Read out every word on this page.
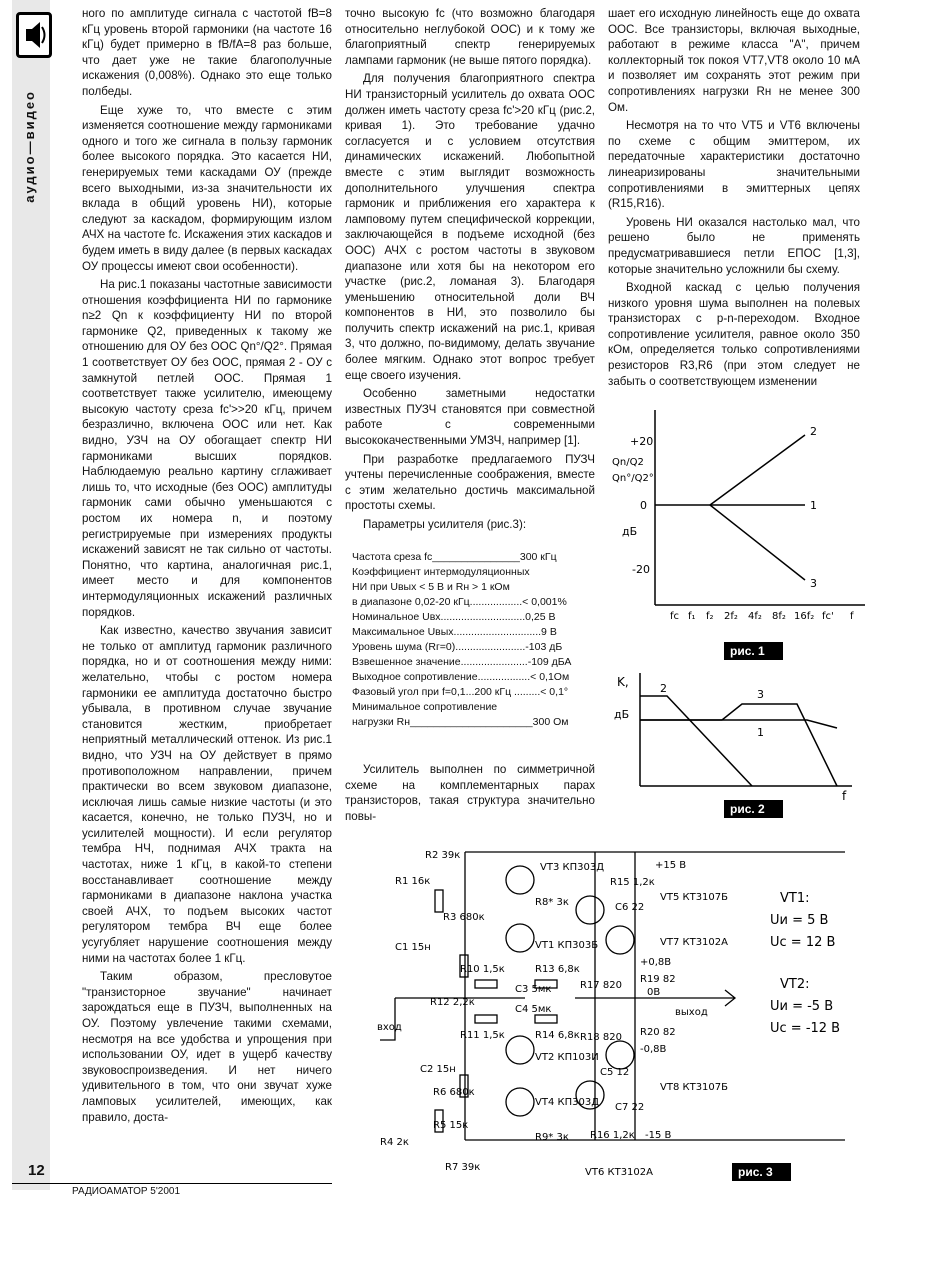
аудио—видео
12
РАДИОАМАТОР 5'2001

ного по амплитуде сигнала с частотой fB=8 кГц уровень второй гармоники (на частоте 16 кГц) будет примерно в fB/fA=8 раз больше, что дает уже не такие благополучные искажения (0,008%). Однако это еще только полбеды.

Еще хуже то, что вместе с этим изменяется соотношение между гармониками одного и того же сигнала в пользу гармоник более высокого порядка. Это касается НИ, генерируемых теми каскадами ОУ (прежде всего выходными, из-за значительности их вклада в общий уровень НИ), которые следуют за каскадом, формирующим излом АЧХ на частоте fс. Искажения этих каскадов и будем иметь в виду далее (в первых каскадах ОУ процессы имеют свои особенности).

На рис.1 показаны частотные зависимости отношения коэффициента НИ по гармонике n≥2 Qn к коэффициенту НИ по второй гармонике Q2, приведенных к такому же отношению для ОУ без ООС Qn°/Q2°. Прямая 1 соответствует ОУ без ООС, прямая 2 - ОУ с замкнутой петлей ООС. Прямая 1 соответствует также усилителю, имеющему высокую частоту среза fс'>>20 кГц, причем безразлично, включена ООС или нет. Как видно, УЗЧ на ОУ обогащает спектр НИ гармониками высших порядков. Наблюдаемую реально картину сглаживает лишь то, что исходные (без ООС) амплитуды гармоник сами обычно уменьшаются с ростом их номера n, и поэтому регистрируемые при измерениях продукты искажений зависят не так сильно от частоты. Понятно, что картина, аналогичная рис.1, имеет место и для компонентов интермодуляционных искажений различных порядков.

Как известно, качество звучания зависит не только от амплитуд гармоник различного порядка, но и от соотношения между ними: желательно, чтобы с ростом номера гармоники ее амплитуда достаточно быстро убывала, в противном случае звучание становится жестким, приобретает неприятный металлический оттенок. Из рис.1 видно, что УЗЧ на ОУ действует в прямо противоположном направлении, причем практически во всем звуковом диапазоне, исключая лишь самые низкие частоты (и это касается, конечно, не только ПУЗЧ, но и усилителей мощности). И если регулятор тембра НЧ, поднимая АЧХ тракта на частотах, ниже 1 кГц, в какой-то степени восстанавливает соотношение между гармониками в диапазоне наклона участка своей АЧХ, то подъем высоких частот регулятором тембра ВЧ еще более усугубляет нарушение соотношения между ними на частотах более 1 кГц.

Таким образом, пресловутое "транзисторное звучание" начинает зарождаться еще в ПУЗЧ, выполненных на ОУ. Поэтому увлечение такими схемами, несмотря на все удобства и упрощения при использовании ОУ, идет в ущерб качеству звуковоспроизведения. И нет ничего удивительного в том, что они звучат хуже ламповых усилителей, имеющих, как правило, доста-

точно высокую fс (что возможно благодаря относительно неглубокой ООС) и к тому же благоприятный спектр генерируемых лампами гармоник (не выше пятого порядка).

Для получения благоприятного спектра НИ транзисторный усилитель до охвата ООС должен иметь частоту среза fс'>20 кГц (рис.2, кривая 1). Это требование удачно согласуется и с условием отсутствия динамических искажений. Любопытной вместе с этим выглядит возможность дополнительного улучшения спектра гармоник и приближения его характера к ламповому путем специфической коррекции, заключающейся в подъеме исходной (без ООС) АЧХ с ростом частоты в звуковом диапазоне или хотя бы на некотором его участке (рис.2, ломаная 3). Благодаря уменьшению относительной доли ВЧ компонентов в НИ, это позволило бы получить спектр искажений на рис.1, кривая 3, что должно, по-видимому, делать звучание более мягким. Однако этот вопрос требует еще своего изучения.

Особенно заметными недостатки известных ПУЗЧ становятся при совместной работе с современными высококачественными УМЗЧ, например [1].

При разработке предлагаемого ПУЗЧ учтены перечисленные соображения, вместе с этим желательно достичь максимальной простоты схемы.

Параметры усилителя (рис.3):

Частота среза fс_______________300 кГц
Коэффициент интермодуляционных
НИ при Uвых < 5 В и Rн > 1 кОм
в диапазоне 0,02-20 кГц..................< 0,001%
Номинальное Uвх.............................0,25 В
Максимальное Uвых..............................9 В
Уровень шума (Rг=0)........................-103 дБ
Взвешенное значение.......................-109 дБА
Выходное сопротивление..................< 0,1Ом
Фазовый угол при f=0,1...200 кГц .........< 0,1°
Минимальное сопротивление
нагрузки Rн_____________________300 Ом

Усилитель выполнен по симметричной схеме на комплементарных парах транзисторов, такая структура значительно повы-

шает его исходную линейность еще до охвата ООС. Все транзисторы, включая выходные, работают в режиме класса "А", причем коллекторный ток покоя VT7,VT8 около 10 мА и позволяет им сохранять этот режим при сопротивлениях нагрузки Rн не менее 300 Ом.

Несмотря на то что VT5 и VT6 включены по схеме с общим эмиттером, их передаточные характеристики достаточно линеаризированы значительными сопротивлениями в эмиттерных цепях (R15,R16).

Уровень НИ оказался настолько мал, что решено было не применять предусматривавшиеся петли ЕПОС [1,3], которые значительно усложнили бы схему.

Входной каскад с целью получения низкого уровня шума выполнен на полевых транзисторах с p-n-переходом. Входное сопротивление усилителя, равное около 350 кОм, определяется только сопротивлениями резисторов R3,R6 (при этом следует не забыть о соответствующем изменении

+20
0
-20
Qn/Q2
Qn°/Q2°
дБ
2
1
3
fс f₁ f₂ 2f₂ 4f₂ 8f₂ 16f₂ fс' f
рис. 1
K,
дБ
f
2	3
1
рис. 2
R2 39к
R1 16к
R3 680к
C1 15н
VT3 КП303Д
R8* 3к
R15 1,2к
C6 22
VT1 КП303Б
R10 1,5к	R13 6,8к
R17 820
C3 5мк
R12 2,2к
C4 5мк
R11 1,5к	R14 6,8к R18 820
VT2 КП103И
C2 15н
R6 680к
R5 15к
R4 2к
VT4 КП303Д
R9* 3к R16 1,2к
C7 22
R7 39к
VT5 КТ3107Б
VT7 КТ3102А
R19 82
R20 82
C5 12
VT8 КТ3107Б
VT6 КТ3102А
+15 В
-15 В
+0,8В
0В
-0,8В
вход
выход
VT1:
Uи = 5 В
Uс = 12 В
VT2:
Uи = -5 В
Uс = -12 В
рис. 3
